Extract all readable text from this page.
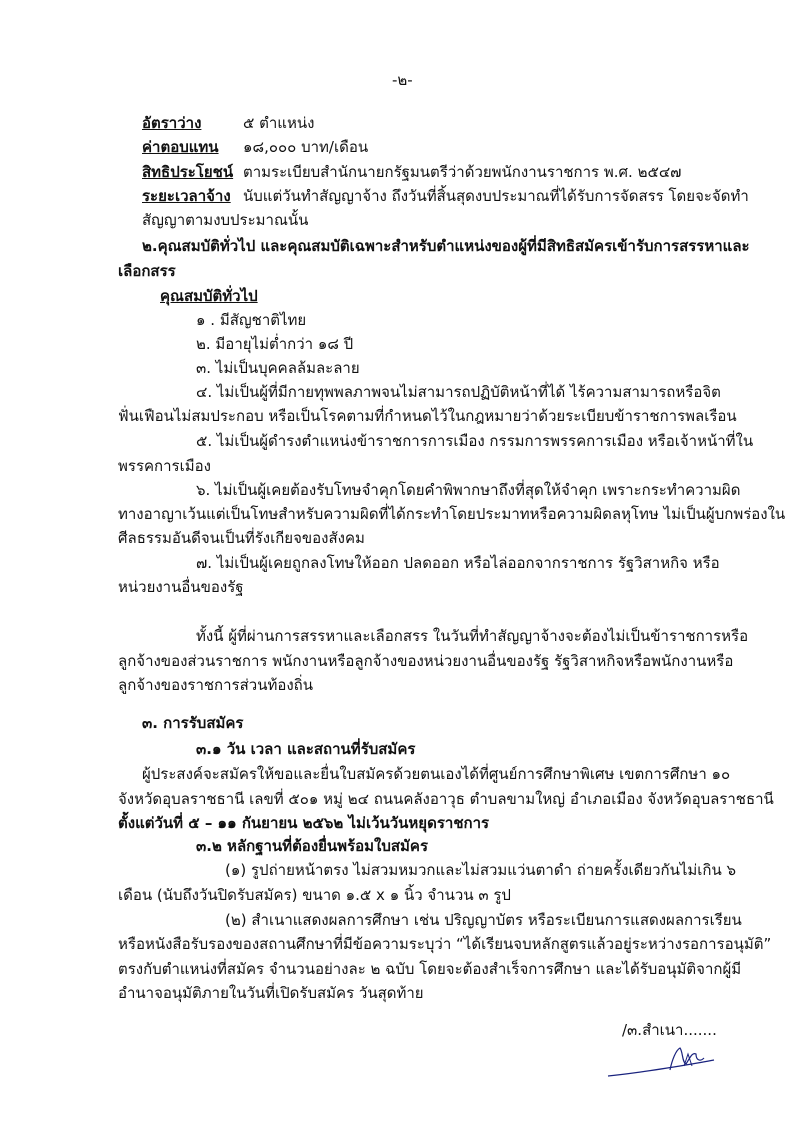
-๒-
อัตราว่าง	๕ ตำแหน่ง
ค่าตอบแทน ๑๘,๐๐๐ บาท/เดือน
สิทธิประโยชน์ ตามระเบียบสำนักนายกรัฐมนตรีว่าด้วยพนักงานราชการ พ.ศ. ๒๕๔๗
ระยะเวลาจ้าง นับแต่วันทำสัญญาจ้าง ถึงวันที่สิ้นสุดงบประมาณที่ได้รับการจัดสรร โดยจะจัดทำ
สัญญาตามงบประมาณนั้น
๒.คุณสมบัติทั่วไป และคุณสมบัติเฉพาะสำหรับตำแหน่งของผู้ที่มีสิทธิสมัครเข้ารับการสรรหาและ
เลือกสรร
คุณสมบัติทั่วไป
๑ . มีสัญชาติไทย
๒. มีอายุไม่ต่ำกว่า ๑๘ ปี
๓. ไม่เป็นบุคคลล้มละลาย
๔. ไม่เป็นผู้ที่มีกายทุพพลภาพจนไม่สามารถปฏิบัติหน้าที่ได้ ไร้ความสามารถหรือจิต
ฟั่นเฟือนไม่สมประกอบ หรือเป็นโรคตามที่กำหนดไว้ในกฎหมายว่าด้วยระเบียบข้าราชการพลเรือน
๕. ไม่เป็นผู้ดำรงตำแหน่งข้าราชการการเมือง กรรมการพรรคการเมือง หรือเจ้าหน้าที่ใน
พรรคการเมือง
๖. ไม่เป็นผู้เคยต้องรับโทษจำคุกโดยคำพิพากษาถึงที่สุดให้จำคุก เพราะกระทำความผิด
ทางอาญาเว้นแต่เป็นโทษสำหรับความผิดที่ได้กระทำโดยประมาทหรือความผิดลหุโทษ ไม่เป็นผู้บกพร่องใน
ศีลธรรมอันดีจนเป็นที่รังเกียจของสังคม
๗. ไม่เป็นผู้เคยถูกลงโทษให้ออก ปลดออก หรือไล่ออกจากราชการ รัฐวิสาหกิจ หรือ
หน่วยงานอื่นของรัฐ
ทั้งนี้ ผู้ที่ผ่านการสรรหาและเลือกสรร ในวันที่ทำสัญญาจ้างจะต้องไม่เป็นข้าราชการหรือ
ลูกจ้างของส่วนราชการ พนักงานหรือลูกจ้างของหน่วยงานอื่นของรัฐ รัฐวิสาหกิจหรือพนักงานหรือ
ลูกจ้างของราชการส่วนท้องถิ่น
๓. การรับสมัคร
๓.๑ วัน เวลา และสถานที่รับสมัคร
ผู้ประสงค์จะสมัครให้ขอและยื่นใบสมัครด้วยตนเองได้ที่ศูนย์การศึกษาพิเศษ เขตการศึกษา ๑๐
จังหวัดอุบลราชธานี เลขที่ ๕๐๑ หมู่ ๒๔ ถนนคลังอาวุธ ตำบลขามใหญ่ อำเภอเมือง จังหวัดอุบลราชธานี
ตั้งแต่วันที่ ๕ – ๑๑ กันยายน ๒๕๖๒ ไม่เว้นวันหยุดราชการ
๓.๒ หลักฐานที่ต้องยื่นพร้อมใบสมัคร
(๑) รูปถ่ายหน้าตรง ไม่สวมหมวกและไม่สวมแว่นตาดำ ถ่ายครั้งเดียวกันไม่เกิน ๖
เดือน (นับถึงวันปิดรับสมัคร) ขนาด ๑.๕ x ๑ นิ้ว จำนวน ๓ รูป
(๒) สำเนาแสดงผลการศึกษา เช่น ปริญญาบัตร หรือระเบียนการแสดงผลการเรียน
หรือหนังสือรับรองของสถานศึกษาที่มีข้อความระบุว่า “ได้เรียนจบหลักสูตรแล้วอยู่ระหว่างรอการอนุมัติ”
ตรงกับตำแหน่งที่สมัคร จำนวนอย่างละ ๒ ฉบับ โดยจะต้องสำเร็จการศึกษา และได้รับอนุมัติจากผู้มี
อำนาจอนุมัติภายในวันที่เปิดรับสมัคร วันสุดท้าย
/๓.สำเนา.......
